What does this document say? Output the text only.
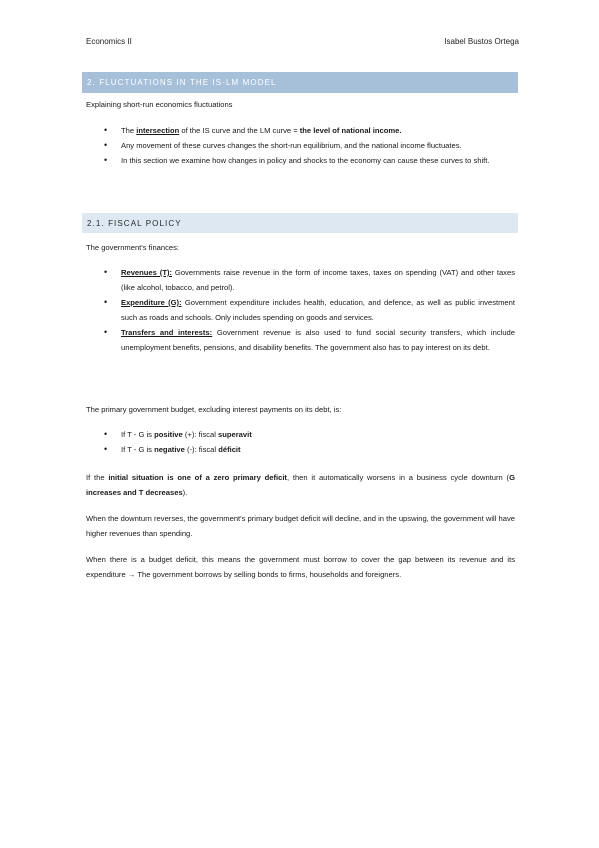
Economics II	Isabel Bustos Ortega
2. FLUCTUATIONS IN THE IS-LM MODEL

Explaining short-run economics fluctuations

• The intersection of the IS curve and the LM curve = the level of national income.
• Any movement of these curves changes the short-run equilibrium, and the national income fluctuates.
• In this section we examine how changes in policy and shocks to the economy can cause these curves to shift.
2.1. FISCAL POLICY

The government's finances:

• Revenues (T): Governments raise revenue in the form of income taxes, taxes on spending (VAT) and other taxes (like alcohol, tobacco, and petrol).
• Expenditure (G): Government expenditure includes health, education, and defence, as well as public investment such as roads and schools. Only includes spending on goods and services.
• Transfers and interests: Government revenue is also used to fund social security transfers, which include unemployment benefits, pensions, and disability benefits. The government also has to pay interest on its debt.

The primary government budget, excluding interest payments on its debt, is:

• If T - G is positive (+): fiscal superavit
• If T - G is negative (-): fiscal déficit

If the initial situation is one of a zero primary deficit, then it automatically worsens in a business cycle downturn (G increases and T decreases).

When the downturn reverses, the government's primary budget deficit will decline, and in the upswing, the government will have higher revenues than spending.

When there is a budget deficit, this means the government must borrow to cover the gap between its revenue and its expenditure → The government borrows by selling bonds to firms, households and foreigners.
